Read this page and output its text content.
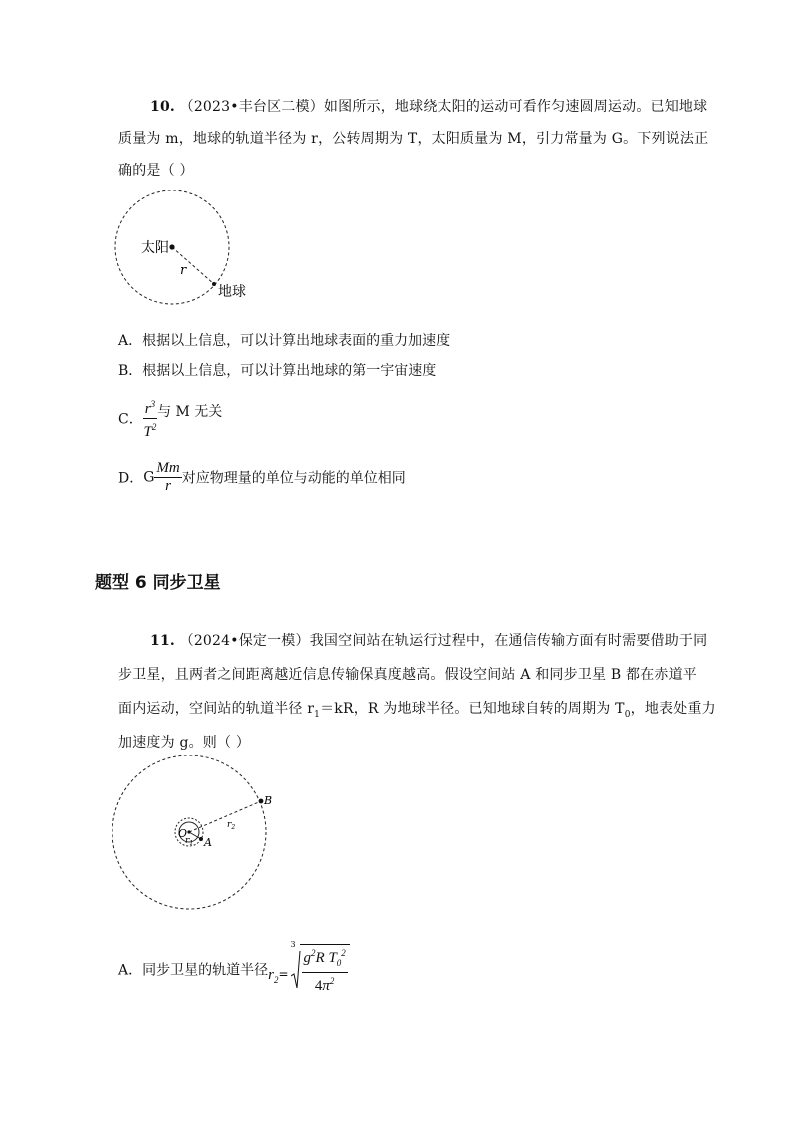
10. （2023•丰台区二模）如图所示，地球绕太阳的运动可看作匀速圆周运动。已知地球
质量为 m，地球的轨道半径为 r，公转周期为 T，太阳质量为 M，引力常量为 G。下列说法正
确的是（ ）
太阳
r
地球
A．根据以上信息，可以计算出地球表面的重力加速度
B．根据以上信息，可以计算出地球的第一宇宙速度
C． $\frac{r^3}{T^2}$ 与 M 无关
D．G $\frac{Mm}{r}$ 对应物理量的单位与动能的单位相同
题型 6 同步卫星
11. （2024•保定一模）我国空间站在轨运行过程中，在通信传输方面有时需要借助于同
步卫星，且两者之间距离越近信息传输保真度越高。假设空间站 A 和同步卫星 B 都在赤道平
面内运动，空间站的轨道半径 $r_1=kR$，R 为地球半径。已知地球自转的周期为 $T_0$，地表处重力
加速度为 g。则（ ）
O
$r_1$ A
$r_2$
B
A．同步卫星的轨道半径$r_2=$
$3 \frac{g^2R T_0^2}{4\pi^2}$
